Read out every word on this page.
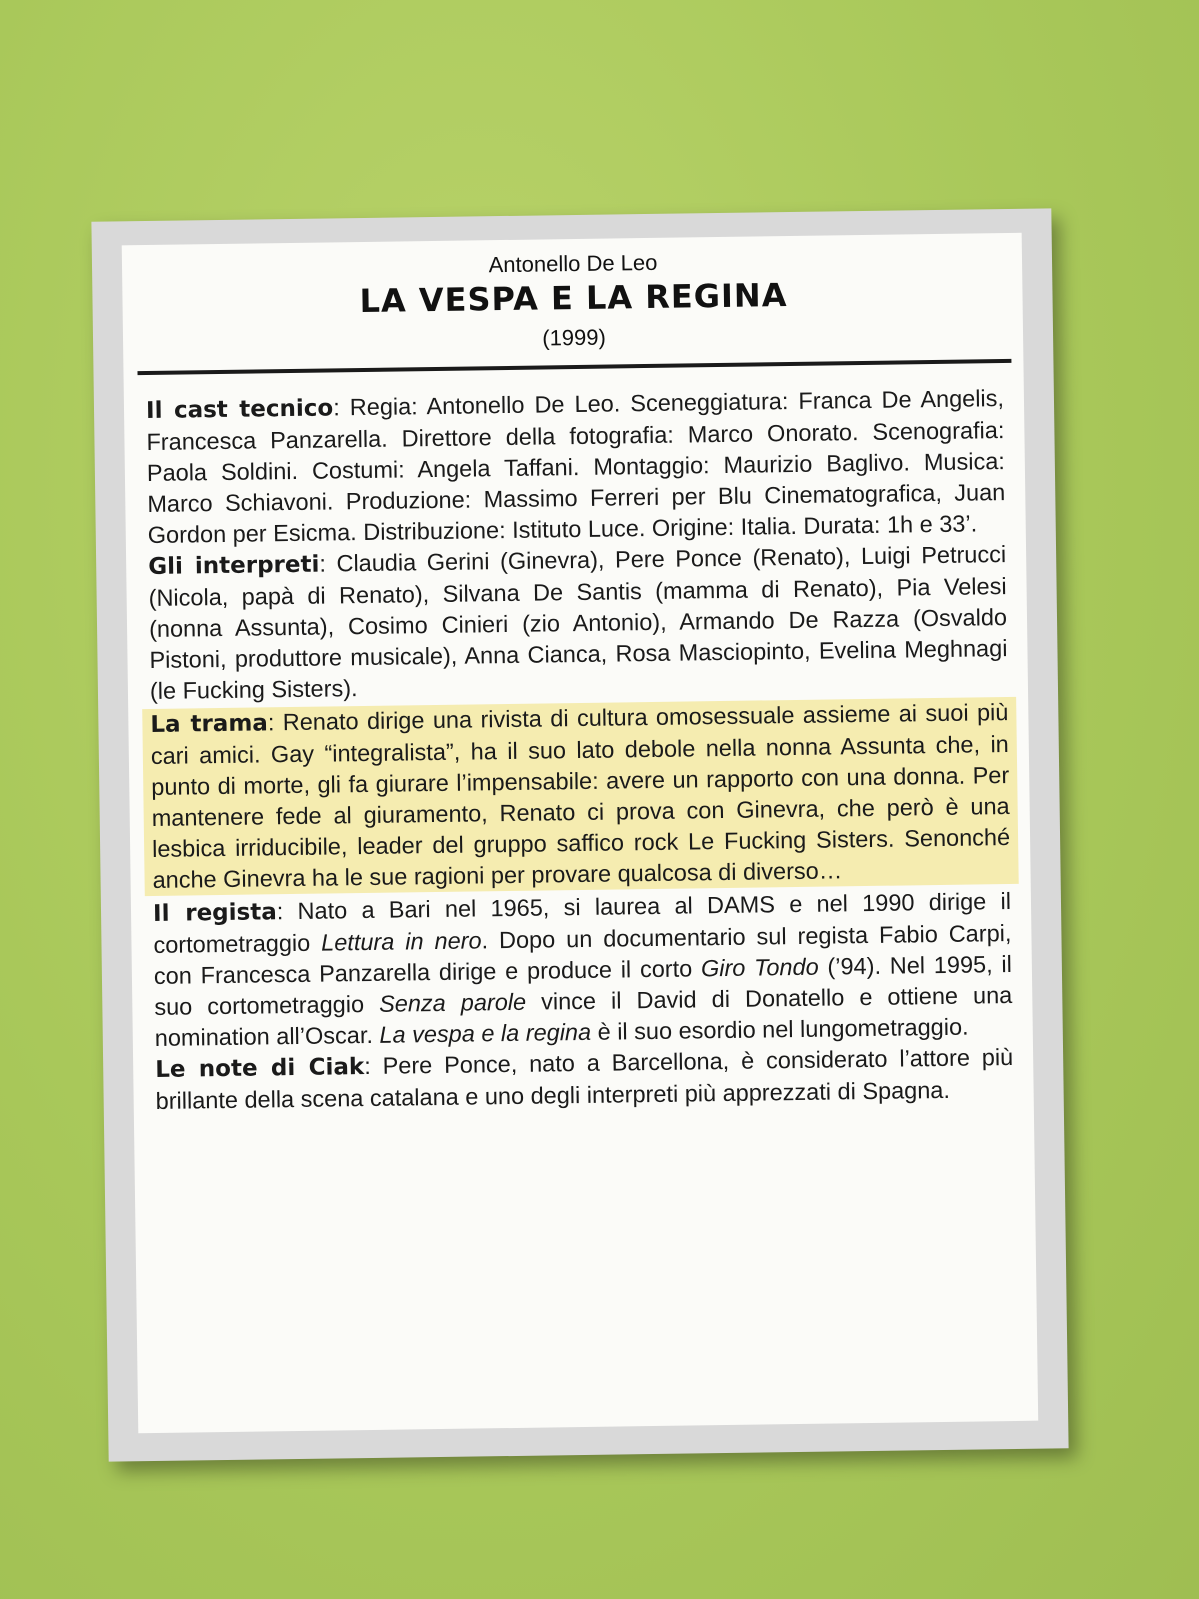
Antonello De Leo
LA VESPA E LA REGINA
(1999)

Il cast tecnico: Regia: Antonello De Leo. Sceneggiatura: Franca De Angelis, Francesca Panzarella. Direttore della fotografia: Marco Onorato. Scenografia: Paola Soldini. Costumi: Angela Taffani. Montaggio: Maurizio Baglivo. Musica: Marco Schiavoni. Produzione: Massimo Ferreri per Blu Cinematografica, Juan Gordon per Esicma. Distribuzione: Istituto Luce. Origine: Italia. Durata: 1h e 33’.

Gli interpreti: Claudia Gerini (Ginevra), Pere Ponce (Renato), Luigi Petrucci (Nicola, papà di Renato), Silvana De Santis (mamma di Renato), Pia Velesi (nonna Assunta), Cosimo Cinieri (zio Antonio), Armando De Razza (Osvaldo Pistoni, produttore musicale), Anna Cianca, Rosa Masciopinto, Evelina Meghnagi (le Fucking Sisters).

La trama: Renato dirige una rivista di cultura omosessuale assieme ai suoi più cari amici. Gay “integralista”, ha il suo lato debole nella nonna Assunta che, in punto di morte, gli fa giurare l’impensabile: avere un rapporto con una donna. Per mantenere fede al giuramento, Renato ci prova con Ginevra, che però è una lesbica irriducibile, leader del gruppo saffico rock Le Fucking Sisters. Senonché anche Ginevra ha le sue ragioni per provare qualcosa di diverso…

Il regista: Nato a Bari nel 1965, si laurea al DAMS e nel 1990 dirige il cortometraggio Lettura in nero. Dopo un documentario sul regista Fabio Carpi, con Francesca Panzarella dirige e produce il corto Giro Tondo (’94). Nel 1995, il suo cortometraggio Senza parole vince il David di Donatello e ottiene una nomination all’Oscar. La vespa e la regina è il suo esordio nel lungometraggio.

Le note di Ciak: Pere Ponce, nato a Barcellona, è considerato l’attore più brillante della scena catalana e uno degli interpreti più apprezzati di Spagna.
